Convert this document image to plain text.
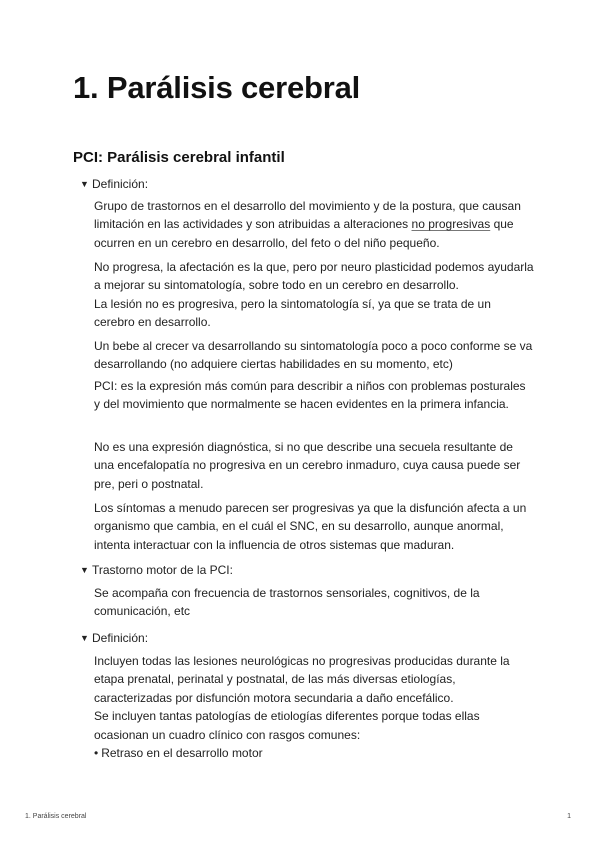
1. Parálisis cerebral
PCI: Parálisis cerebral infantil
▼ Definición:

Grupo de trastornos en el desarrollo del movimiento y de la postura, que causan limitación en las actividades y son atribuidas a alteraciones no progresivas que ocurren en un cerebro en desarrollo, del feto o del niño pequeño.

No progresa, la afectación es la que, pero por neuro plasticidad podemos ayudarla a mejorar su sintomatología, sobre todo en un cerebro en desarrollo.
La lesión no es progresiva, pero la sintomatología sí, ya que se trata de un cerebro en desarrollo.

Un bebe al crecer va desarrollando su sintomatología poco a poco conforme se va desarrollando (no adquiere ciertas habilidades en su momento, etc)

PCI: es la expresión más común para describir a niños con problemas posturales y del movimiento que normalmente se hacen evidentes en la primera infancia.

No es una expresión diagnóstica, si no que describe una secuela resultante de una encefalopatía no progresiva en un cerebro inmaduro, cuya causa puede ser pre, peri o postnatal.

Los síntomas a menudo parecen ser progresivas ya que la disfunción afecta a un organismo que cambia, en el cuál el SNC, en su desarrollo, aunque anormal, intenta interactuar con la influencia de otros sistemas que maduran.

▼ Trastorno motor de la PCI:

Se acompaña con frecuencia de trastornos sensoriales, cognitivos, de la comunicación, etc

▼ Definición:

Incluyen todas las lesiones neurológicas no progresivas producidas durante la etapa prenatal, perinatal y postnatal, de las más diversas etiologías, caracterizadas por disfunción motora secundaria a daño encefálico.
Se incluyen tantas patologías de etiologías diferentes porque todas ellas ocasionan un cuadro clínico con rasgos comunes:
• Retraso en el desarrollo motor

1. Parálisis cerebral	1
